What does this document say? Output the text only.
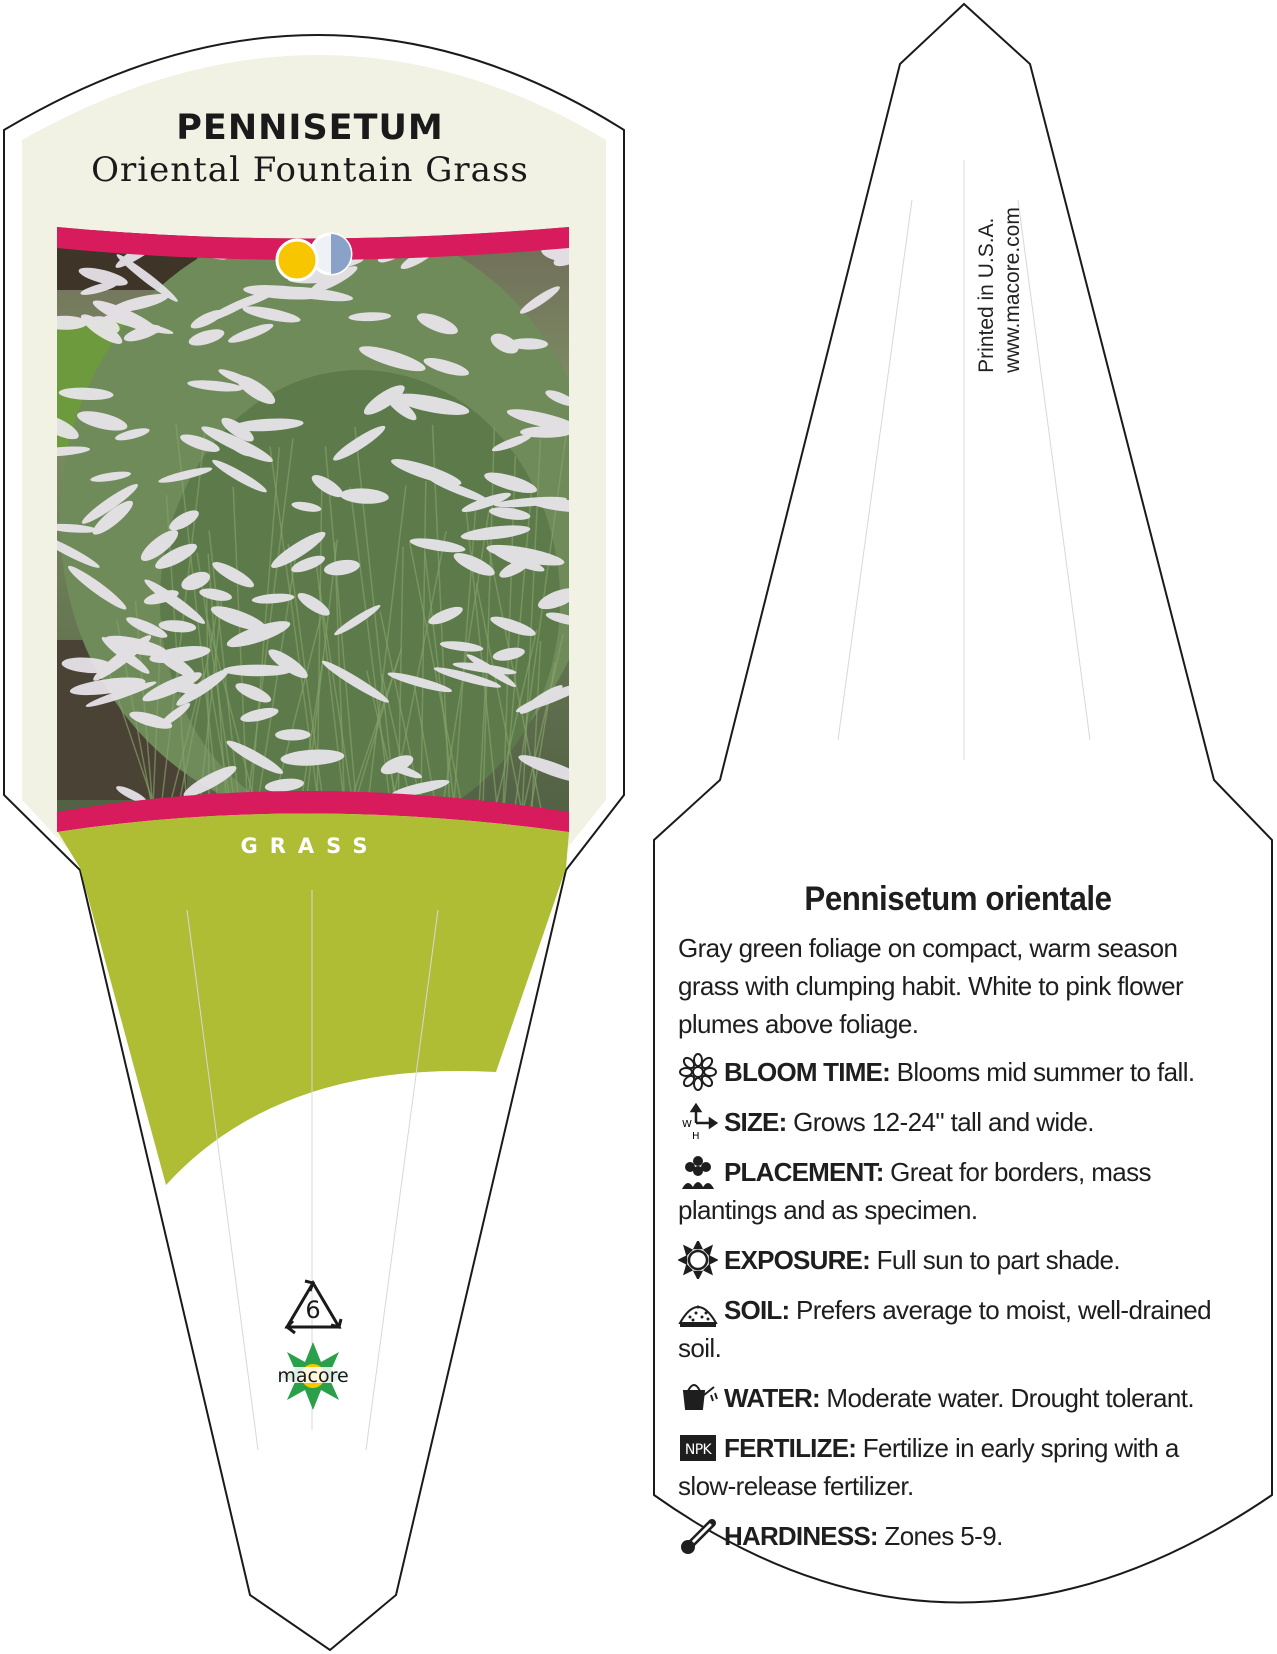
6
macore
PENNISETUM
Oriental Fountain Grass
GRASS
Printed in U.S.A. www.macore.com
Pennisetum orientale
Gray green foliage on compact, warm season grass with clumping habit. White to pink flower plumes above foliage.
BLOOM TIME: Blooms mid summer to fall.
W
H SIZE: Grows 12-24" tall and wide.
PLACEMENT: Great for borders, mass plantings and as specimen.
EXPOSURE: Full sun to part shade.
SOIL: Prefers average to moist, well-drained soil.
WATER: Moderate water. Drought tolerant.
NPK FERTILIZE: Fertilize in early spring with a slow-release fertilizer.
HARDINESS: Zones 5-9.
